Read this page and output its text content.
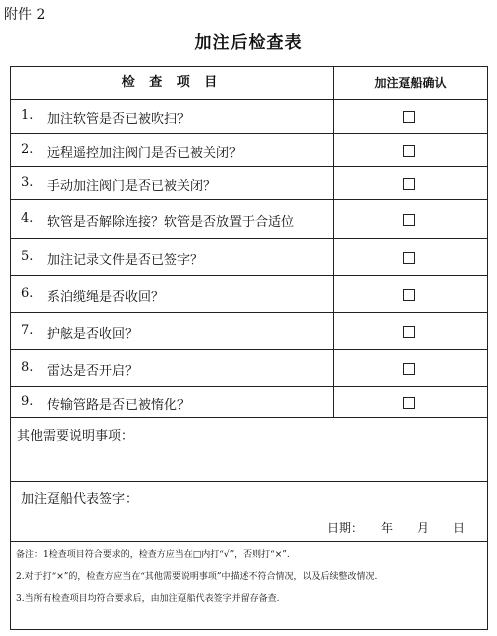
附件 2
加注后检查表
检 查 项 目	加注趸船确认
1. 加注软管是否已被吹扫？
2. 远程遥控加注阀门是否已被关闭？
3. 手动加注阀门是否已被关闭？
4. 软管是否解除连接？软管是否放置于合适位
5. 加注记录文件是否已签字？
6. 系泊缆绳是否收回？
7. 护舷是否收回？
8. 雷达是否开启？
9. 传输管路是否已被惰化？
其他需要说明事项：
加注趸船代表签字：
日期：　　年　　月　　日
备注：1检查项目符合要求的，检查方应当在□内打“√”，否则打“×”.
2.对于打“×”的，检查方应当在“其他需要说明事项”中描述不符合情况，以及后续整改情况.
3.当所有检查项目均符合要求后，由加注趸船代表签字并留存备查.
